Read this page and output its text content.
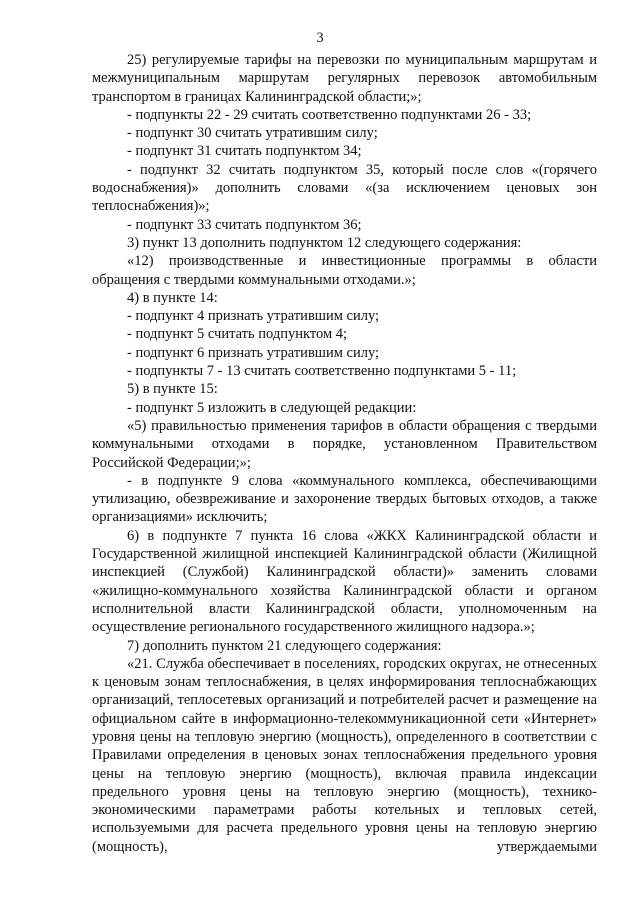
3

25) регулируемые тарифы на перевозки по муниципальным маршрутам и межмуниципальным маршрутам регулярных перевозок автомобильным транспортом в границах Калининградской области;»;

- подпункты 22 - 29 считать соответственно подпунктами 26 - 33;

- подпункт 30 считать утратившим силу;

- подпункт 31 считать подпунктом 34;

- подпункт 32 считать подпунктом 35, который после слов «(горячего водоснабжения)» дополнить словами «(за исключением ценовых зон теплоснабжения)»;

- подпункт 33 считать подпунктом 36;

3) пункт 13 дополнить подпунктом 12 следующего содержания:

«12) производственные и инвестиционные программы в области обращения с твердыми коммунальными отходами.»;

4) в пункте 14:

- подпункт 4 признать утратившим силу;

- подпункт 5 считать подпунктом 4;

- подпункт 6 признать утратившим силу;

- подпункты 7 - 13 считать соответственно подпунктами 5 - 11;

5) в пункте 15:

- подпункт 5 изложить в следующей редакции:

«5) правильностью применения тарифов в области обращения с твердыми коммунальными отходами в порядке, установленном Правительством Российской Федерации;»;

- в подпункте 9 слова «коммунального комплекса, обеспечивающими утилизацию, обезвреживание и захоронение твердых бытовых отходов, а также организациями» исключить;

6) в подпункте 7 пункта 16 слова «ЖКХ Калининградской области и Государственной жилищной инспекцией Калининградской области (Жилищной инспекцией (Службой) Калининградской области)» заменить словами «жилищно-коммунального хозяйства Калининградской области и органом исполнительной власти Калининградской области, уполномоченным на осуществление регионального государственного жилищного надзора.»;

7) дополнить пунктом 21 следующего содержания:

«21. Служба обеспечивает в поселениях, городских округах, не отнесенных к ценовым зонам теплоснабжения, в целях информирования теплоснабжающих организаций, теплосетевых организаций и потребителей расчет и размещение на официальном сайте в информационно-телекоммуникационной сети «Интернет» уровня цены на тепловую энергию (мощность), определенного в соответствии с Правилами определения в ценовых зонах теплоснабжения предельного уровня цены на тепловую энергию (мощность), включая правила индексации предельного уровня цены на тепловую энергию (мощность), технико-экономическими параметрами работы котельных и тепловых сетей, используемыми для расчета предельного уровня цены на тепловую энергию (мощность), утверждаемыми
